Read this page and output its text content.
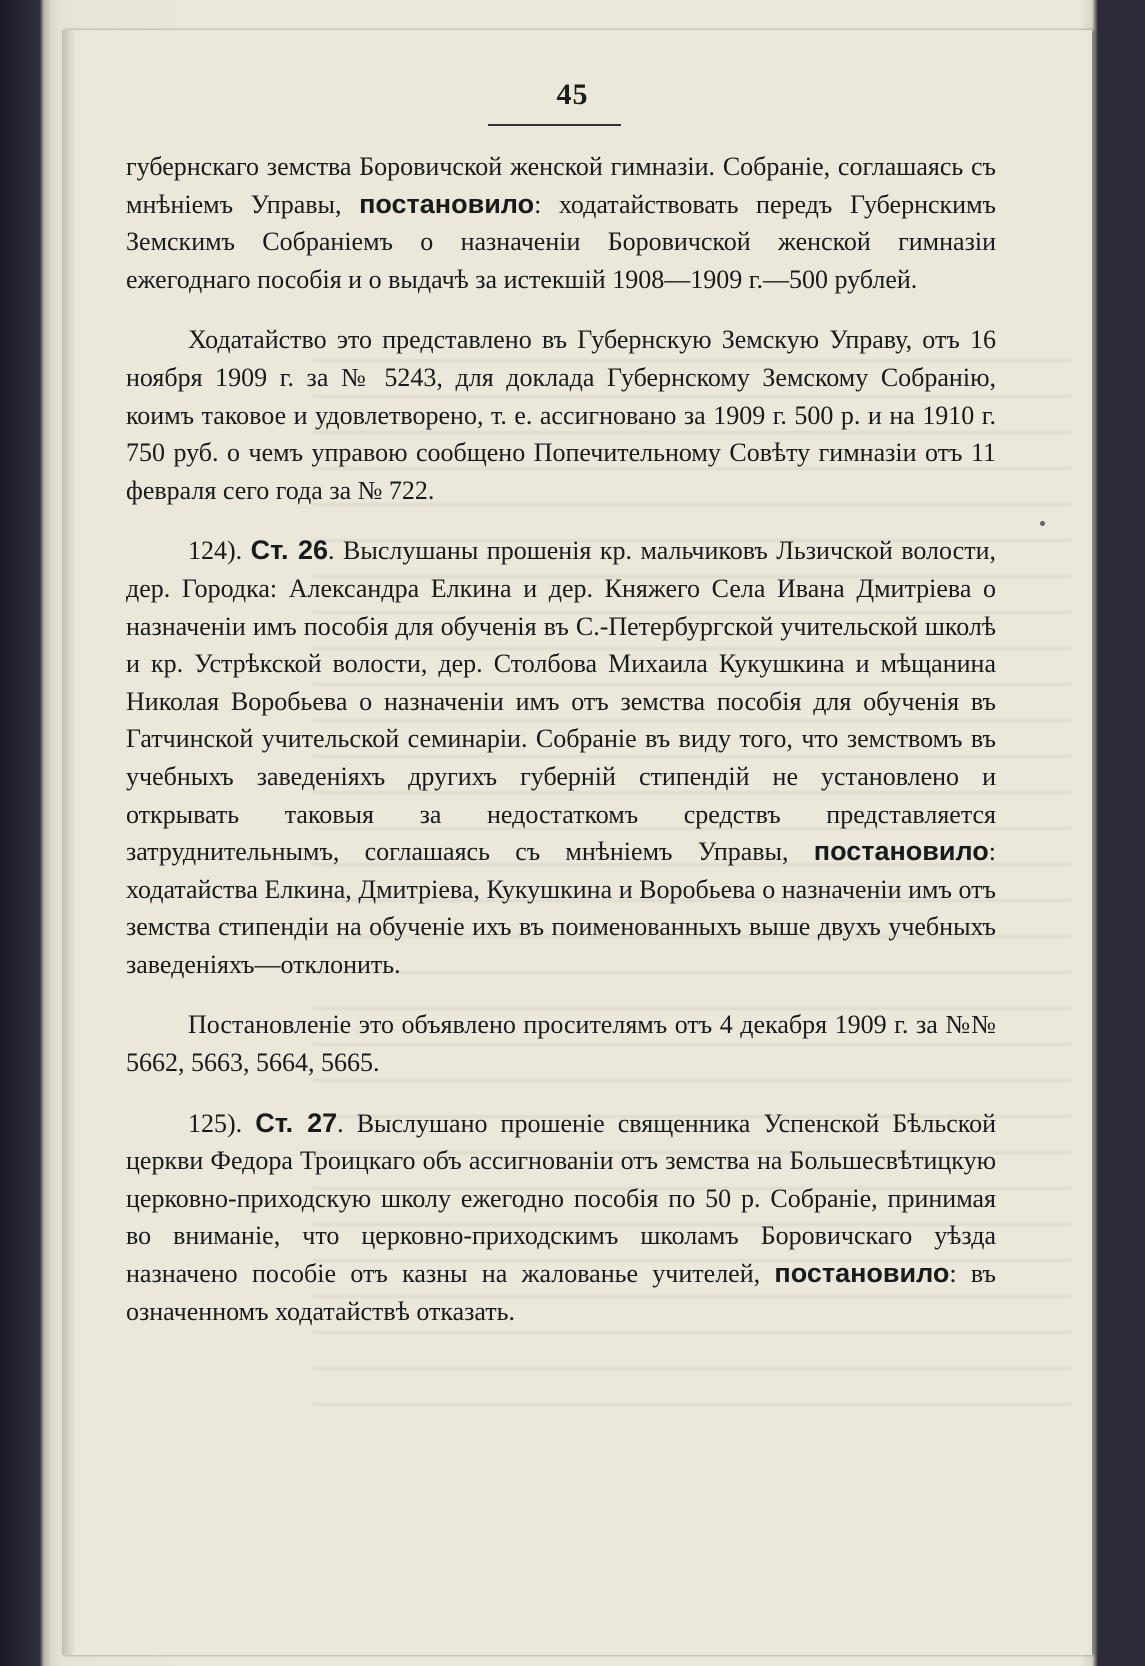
45

губернскаго земства Боровичской женской гимназіи. Собраніе, соглашаясь съ мнѣніемъ Управы, постановило: ходатайствовать передъ Губернскимъ Земскимъ Собраніемъ о назначеніи Боровичской женской гимназіи ежегоднаго пособія и о выдачѣ за истекшій 1908—1909 г.—500 рублей.

Ходатайство это представлено въ Губернскую Земскую Управу, отъ 16 ноября 1909 г. за № 5243, для доклада Губернскому Земскому Собранію, коимъ таковое и удовлетворено, т. е. ассигновано за 1909 г. 500 р. и на 1910 г. 750 руб. о чемъ управою сообщено Попечительному Совѣту гимназіи отъ 11 февраля сего года за № 722.

124). Ст. 26. Выслушаны прошенія кр. мальчиковъ Льзичской волости, дер. Городка: Александра Елкина и дер. Княжего Села Ивана Дмитріева о назначеніи имъ пособія для обученія въ С.-Петербургской учительской школѣ и кр. Устрѣкской волости, дер. Столбова Михаила Кукушкина и мѣщанина Николая Воробьева о назначеніи имъ отъ земства пособія для обученія въ Гатчинской учительской семинаріи. Собраніе въ виду того, что земствомъ въ учебныхъ заведеніяхъ другихъ губерній стипендій не установлено и открывать таковыя за недостаткомъ средствъ представляется затруднительнымъ, соглашаясь съ мнѣніемъ Управы, постановило: ходатайства Елкина, Дмитріева, Кукушкина и Воробьева о назначеніи имъ отъ земства стипендіи на обученіе ихъ въ поименованныхъ выше двухъ учебныхъ заведеніяхъ—отклонить.

Постановленіе это объявлено просителямъ отъ 4 декабря 1909 г. за №№ 5662, 5663, 5664, 5665.

125). Ст. 27. Выслушано прошеніе священника Успенской Бѣльской церкви Федора Троицкаго объ ассигнованіи отъ земства на Большесвѣтицкую церковно-приходскую школу ежегодно пособія по 50 р. Собраніе, принимая во вниманіе, что церковно-приходскимъ школамъ Боровичскаго уѣзда назначено пособіе отъ казны на жалованье учителей, постановило: въ означенномъ ходатайствѣ отказать.
